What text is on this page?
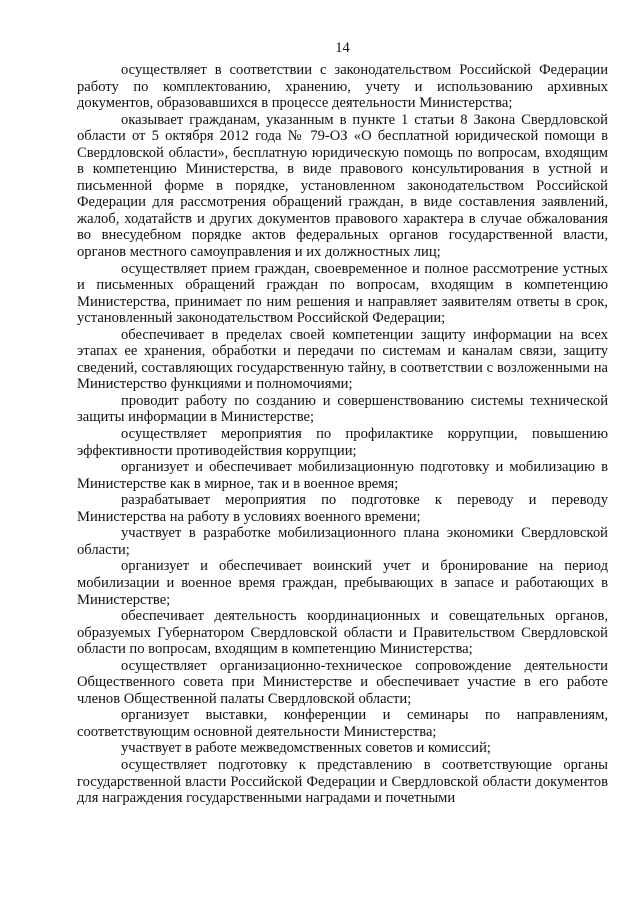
14

осуществляет в соответствии с законодательством Российской Федерации работу по комплектованию, хранению, учету и использованию архивных документов, образовавшихся в процессе деятельности Министерства;

оказывает гражданам, указанным в пункте 1 статьи 8 Закона Свердловской области от 5 октября 2012 года № 79-ОЗ «О бесплатной юридической помощи в Свердловской области», бесплатную юридическую помощь по вопросам, входящим в компетенцию Министерства, в виде правового консультирования в устной и письменной форме в порядке, установленном законодательством Российской Федерации для рассмотрения обращений граждан, в виде составления заявлений, жалоб, ходатайств и других документов правового характера в случае обжалования во внесудебном порядке актов федеральных органов государственной власти, органов местного самоуправления и их должностных лиц;

осуществляет прием граждан, своевременное и полное рассмотрение устных и письменных обращений граждан по вопросам, входящим в компетенцию Министерства, принимает по ним решения и направляет заявителям ответы в срок, установленный законодательством Российской Федерации;

обеспечивает в пределах своей компетенции защиту информации на всех этапах ее хранения, обработки и передачи по системам и каналам связи, защиту сведений, составляющих государственную тайну, в соответствии с возложенными на Министерство функциями и полномочиями;

проводит работу по созданию и совершенствованию системы технической защиты информации в Министерстве;

осуществляет мероприятия по профилактике коррупции, повышению эффективности противодействия коррупции;

организует и обеспечивает мобилизационную подготовку и мобилизацию в Министерстве как в мирное, так и в военное время;

разрабатывает мероприятия по подготовке к переводу и переводу Министерства на работу в условиях военного времени;

участвует в разработке мобилизационного плана экономики Свердловской области;

организует и обеспечивает воинский учет и бронирование на период мобилизации и военное время граждан, пребывающих в запасе и работающих в Министерстве;

обеспечивает деятельность координационных и совещательных органов, образуемых Губернатором Свердловской области и Правительством Свердловской области по вопросам, входящим в компетенцию Министерства;

осуществляет организационно-техническое сопровождение деятельности Общественного совета при Министерстве и обеспечивает участие в его работе членов Общественной палаты Свердловской области;

организует выставки, конференции и семинары по направлениям, соответствующим основной деятельности Министерства;

участвует в работе межведомственных советов и комиссий;

осуществляет подготовку к представлению в соответствующие органы государственной власти Российской Федерации и Свердловской области документов для награждения государственными наградами и почетными
